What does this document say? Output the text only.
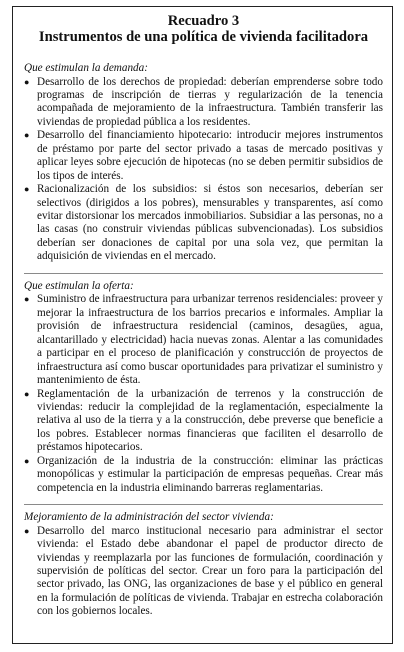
Recuadro 3
Instrumentos de una política de vivienda facilitadora
Que estimulan la demanda:
● Desarrollo de los derechos de propiedad: deberían emprenderse sobre todo programas de inscripción de tierras y regularización de la tenencia acompañada de mejoramiento de la infraestructura. También transferir las viviendas de propiedad pública a los residentes.
● Desarrollo del financiamiento hipotecario: introducir mejores instrumentos de préstamo por parte del sector privado a tasas de mercado positivas y aplicar leyes sobre ejecución de hipotecas (no se deben permitir subsidios de los tipos de interés.
● Racionalización de los subsidios: si éstos son necesarios, deberían ser selectivos (dirigidos a los pobres), mensurables y transparentes, así como evitar distorsionar los mercados inmobiliarios. Subsidiar a las personas, no a las casas (no construir viviendas públicas subvencionadas). Los subsidios deberían ser donaciones de capital por una sola vez, que permitan la adquisición de viviendas en el mercado.
Que estimulan la oferta:
● Suministro de infraestructura para urbanizar terrenos residenciales: proveer y mejorar la infraestructura de los barrios precarios e informales. Ampliar la provisión de infraestructura residencial (caminos, desagües, agua, alcantarillado y electricidad) hacia nuevas zonas. Alentar a las comunidades a participar en el proceso de planificación y construcción de proyectos de infraestructura así como buscar oportunidades para privatizar el suministro y mantenimiento de ésta.
● Reglamentación de la urbanización de terrenos y la construcción de viviendas: reducir la complejidad de la reglamentación, especialmente la relativa al uso de la tierra y a la construcción, debe preverse que beneficie a los pobres. Establecer normas financieras que faciliten el desarrollo de préstamos hipotecarios.
● Organización de la industria de la construcción: eliminar las prácticas monopólicas y estimular la participación de empresas pequeñas. Crear más competencia en la industria eliminando barreras reglamentarias.
Mejoramiento de la administración del sector vivienda:
● Desarrollo del marco institucional necesario para administrar el sector vivienda: el Estado debe abandonar el papel de productor directo de viviendas y reemplazarla por las funciones de formulación, coordinación y supervisión de políticas del sector. Crear un foro para la participación del sector privado, las ONG, las organizaciones de base y el público en general en la formulación de políticas de vivienda. Trabajar en estrecha colaboración con los gobiernos locales.
